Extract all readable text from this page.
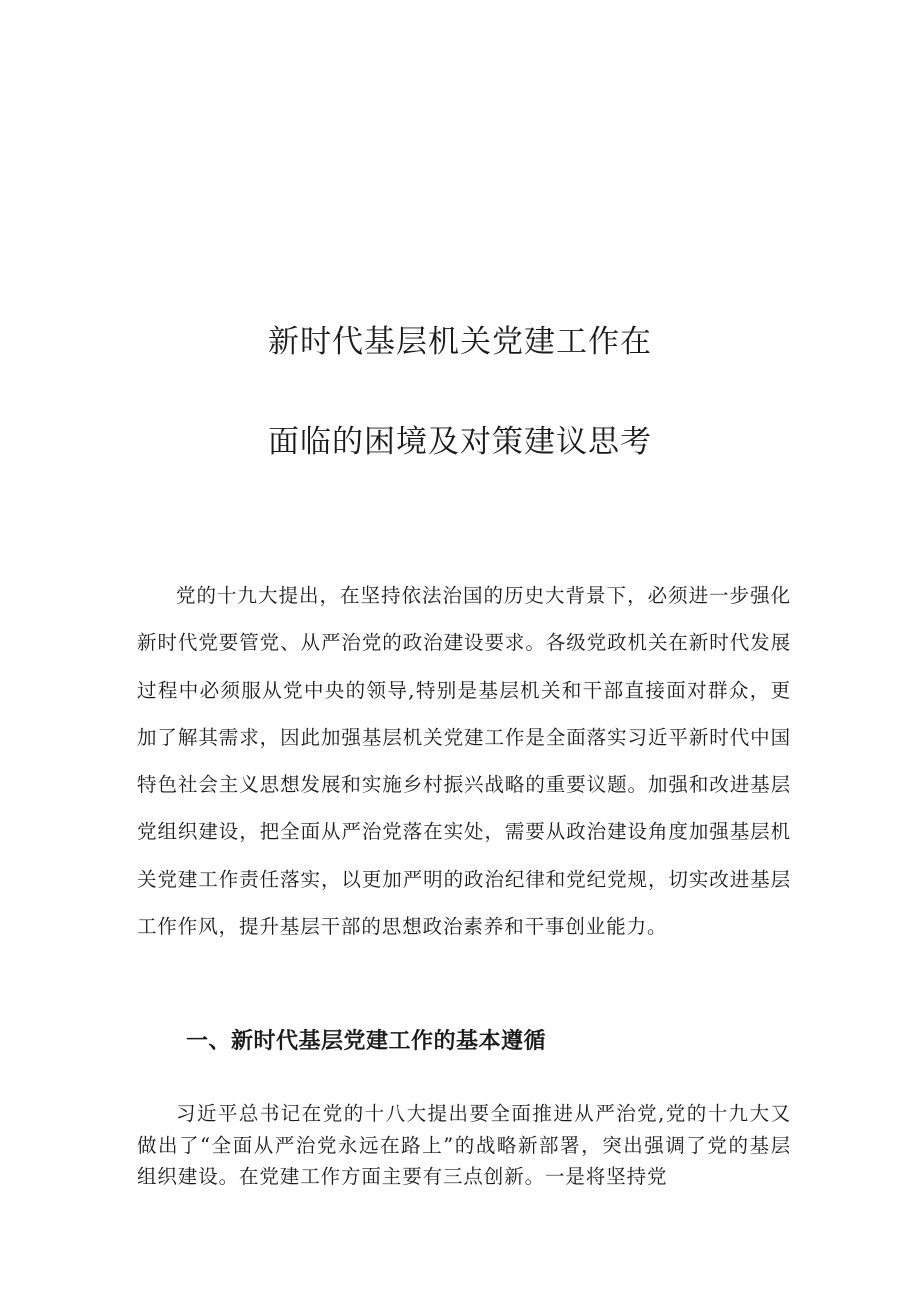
新时代基层机关党建工作在
面临的困境及对策建议思考

党的十九大提出，在坚持依法治国的历史大背景下，必须进一步强化新时代党要管党、从严治党的政治建设要求。各级党政机关在新时代发展过程中必须服从党中央的领导,特别是基层机关和干部直接面对群众，更加了解其需求，因此加强基层机关党建工作是全面落实习近平新时代中国特色社会主义思想发展和实施乡村振兴战略的重要议题。加强和改进基层党组织建设，把全面从严治党落在实处，需要从政治建设角度加强基层机关党建工作责任落实，以更加严明的政治纪律和党纪党规，切实改进基层工作作风，提升基层干部的思想政治素养和干事创业能力。

一、新时代基层党建工作的基本遵循

习近平总书记在党的十八大提出要全面推进从严治党,党的十九大又做出了“全面从严治党永远在路上”的战略新部署，突出强调了党的基层组织建设。在党建工作方面主要有三点创新。一是将坚持党
